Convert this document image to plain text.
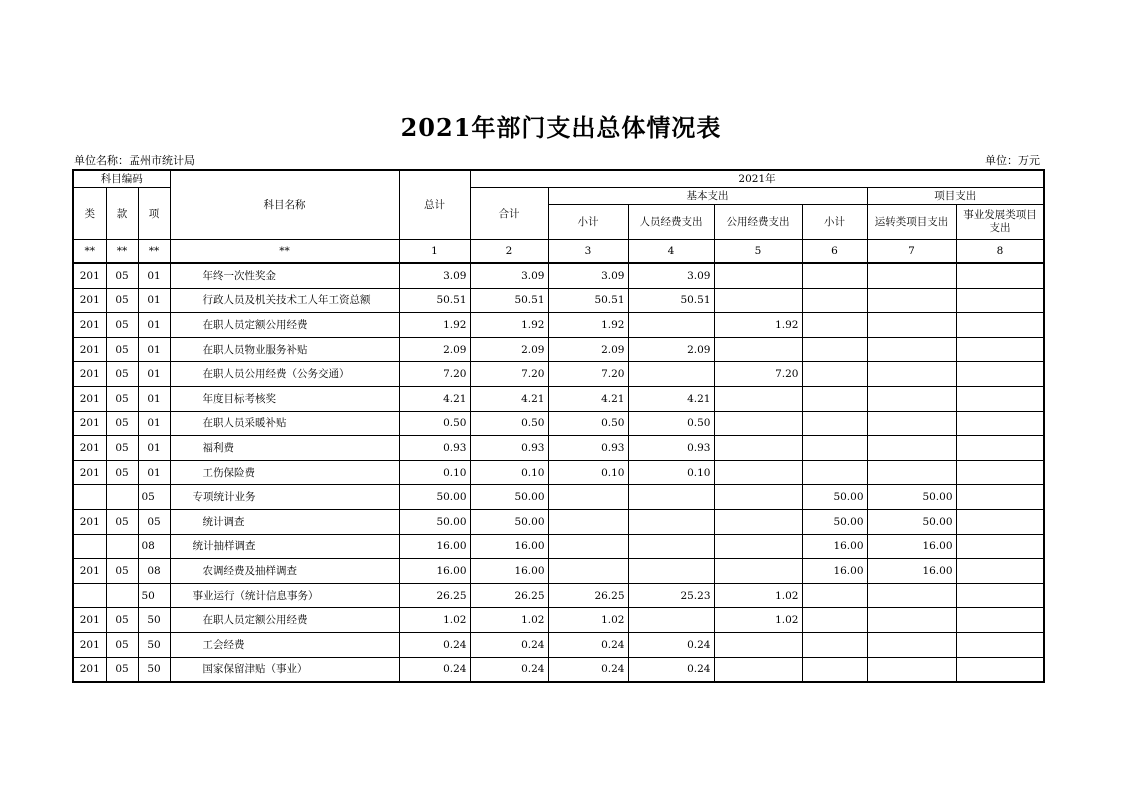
2021年部门支出总体情况表
单位名称：孟州市统计局	单位：万元
科目编码			科目名称	总计	2021年						
类	款	项			合计	基本支出				项目支出	
						小计	人员经费支出	公用经费支出	小计	运转类项目支出	事业发展类项目支出
**	**	**	**	1	2	3	4	5	6	7	8
201	05	01	年终一次性奖金	3.09	3.09	3.09	3.09				
201	05	01	行政人员及机关技术工人年工资总额	50.51	50.51	50.51	50.51				
201	05	01	在职人员定额公用经费	1.92	1.92	1.92		1.92			
201	05	01	在职人员物业服务补贴	2.09	2.09	2.09	2.09				
201	05	01	在职人员公用经费（公务交通）	7.20	7.20	7.20		7.20			
201	05	01	年度目标考核奖	4.21	4.21	4.21	4.21				
201	05	01	在职人员采暖补贴	0.50	0.50	0.50	0.50				
201	05	01	福利费	0.93	0.93	0.93	0.93				
201	05	01	工伤保险费	0.10	0.10	0.10	0.10				
		05	专项统计业务	50.00	50.00				50.00	50.00	
201	05	05	统计调查	50.00	50.00				50.00	50.00	
		08	统计抽样调查	16.00	16.00				16.00	16.00	
201	05	08	农调经费及抽样调查	16.00	16.00				16.00	16.00	
		50	事业运行（统计信息事务）	26.25	26.25	26.25	25.23	1.02			
201	05	50	在职人员定额公用经费	1.02	1.02	1.02		1.02			
201	05	50	工会经费	0.24	0.24	0.24	0.24				
201	05	50	国家保留津贴（事业）	0.24	0.24	0.24	0.24				
